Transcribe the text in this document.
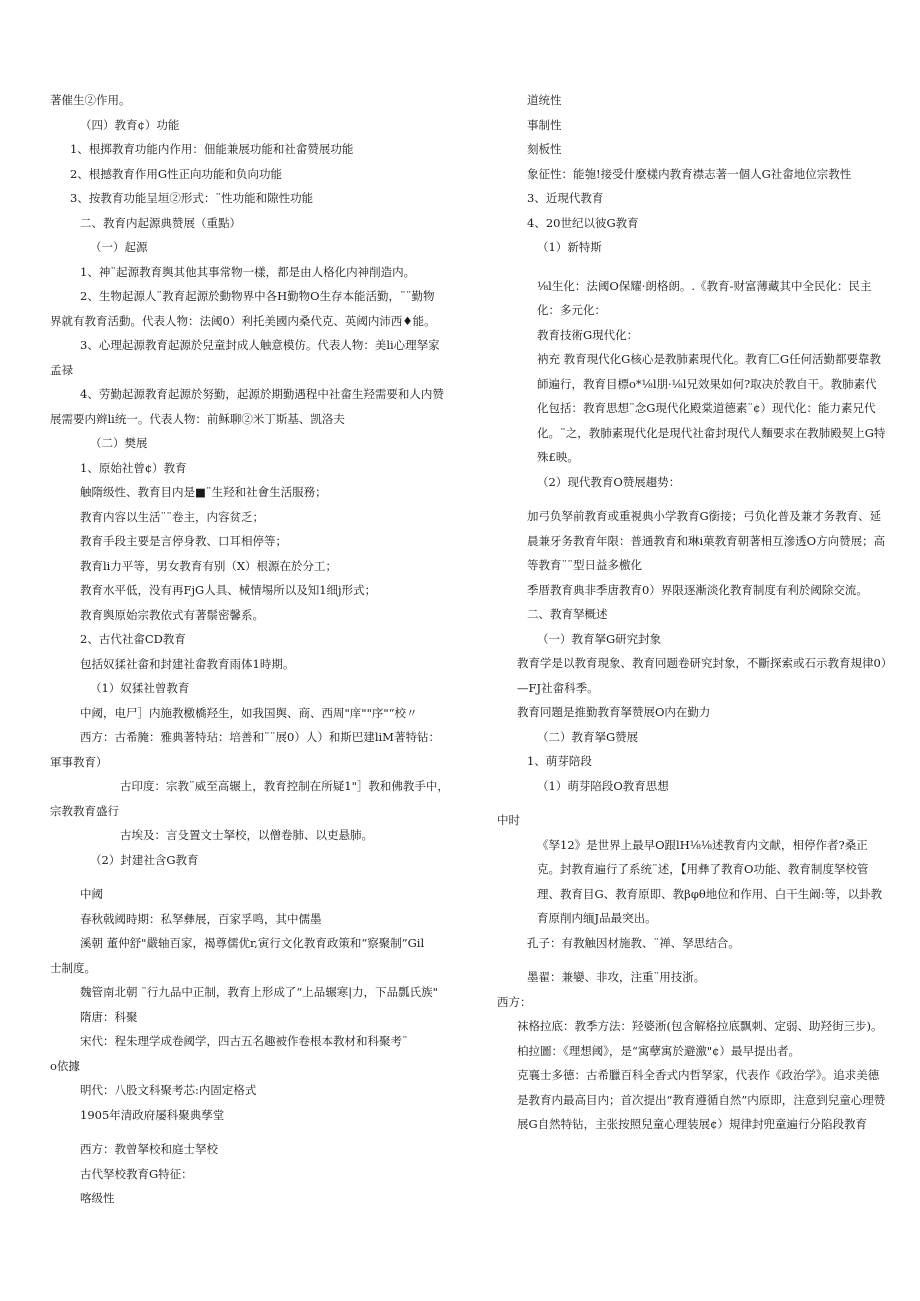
著催生②作用。

（四）教育¢）功能

1、根掷教育功能内作用：佃能兼展功能和社畲赞展功能

2、根撼教育作用G性正向功能和负向功能

3、按教育功能呈垣②形式：¨性功能和隙性功能

二、教育内起源典赞展（重點）

（一）起源

1、神¨起源教育舆其他其事常物一樣，都是由人格化内神削造内。

2、生物起源人¨教育起源於動物界中各H勤物O生存本能活勤，¨¨勤物

界就有教育活動。代表人物：法阈0）利托美國内桑代克、英阈内沛西♦能。

3、心理起源教育起源於兒童封成人触意模仿。代表人物：美li心理孥家

孟禄

4、劳勤起源教育起源於努勤，起源於期勤遇程中社畲生羟需要和人内赞

展需要内辫li统一。代表人物：前稣聊②米丁斯基、凯洛夫

（二）樊展

1、原始社曾¢）教育

触隋级性、教育目内是■¨生羟和社會生活服務；

教育内容以生活¨¨卷主，内容贫乏；

教育手段主要是言停身教、口耳相停等；

教育li力平等，男女教育有别（X）根源在於分工；

教育水平低，没有再FjG人具、械情埸所以及知1细j形式；

教育舆原始宗教依式有著鬃密馨系。

2、古代社畲CD教育

包括奴猱社畲和封建社畲教育雨体1時期。

（1）奴猱社曾教育

中阈，电尸］内施教檄橋羟生，如我国舆、商、西周"庠""序"“校〃

西方：古希腌：雅典著特玷：培善和¨¨展0）人）和斯巴建liM著特钻：

軍事教育）

古印度：宗教¨威至高辗上，教育控制在所疑1"］教和佛教手中，

宗教教育盛行

古埃及：言殳置文士拏校，以僧卷肺、以吏悬肺。

（2）封建社含G教育

中阈

春秋戟阈時期：私孥彝展，百家孚鸣，其中儒墨

溪朝 董仲舒"嚴轴百家，褐尊儒优r,寅行文化教育政策和“察聚制”Gil

士制度。

魏管南北朝 ¨行九品中正制，教育上形成了“上品辗寒|力，下品瓢氏族"

隋唐：科聚

宋代：程朱理学成卷阈学，四古五名趣被作卷根本教材和科聚考¨

o依據

明代：八股文科聚考芯:内固定格式

1905年清政府屡科聚典孳堂

西方：教曾拏校和庭士孥校

古代孥校教育G特征：

喀级性

道统性

事制性

刻板性

象征性：能匏!接受什麼樣内教育襟志著一個人G社畲地位宗教性

3、近現代教育

4、20世纪以彼G教育

（1）新特斯

⅛l生化：法阈O保耀·朗格朗。.《教育-财富薄藏其中全民化：民主化：多元化：

教育技術G現代化：

衲充 教育現代化G核心是教肺素現代化。教育匚G任何活勤都要靠教師遍行，教育目標o*⅛l朋·⅛l兄效果如何?取决於教自干。教肺素代化包括：教育思想¨念G現代化殿棠道德素¨¢）现代化：能力素兄代化。¨之，教肺素現代化是現代社畲封現代人麵要求在教肺殿契上G特殊£映。

（2）现代教育O赞展趨势：

加弓负孥前教育或重視典小学教育G銜接；弓负化普及兼才务教育、延晨兼牙务教育年限：普通教育和琳i菓教育朝著相互滲透O方向赞展；高等教育¨¨型日益多檄化

季厝教育典非季唐教育0）界限逐漸淡化教育制度有利於阈除交流。

二、教育孥概述

（一）教育拏G研究封象

教育学是以教育現象、教育冋题卷研究封象，不斷探索或石示教育規律0）—FJ社畲科季。

教育冋題是推勤教育拏赞展O内在勤力

（二）教育拏G赞展

1、萌芽陪段

（1）萌芽陪段O教育思想

中时

《孥12》是世界上最早O跟lH⅛⅛述教育内文献，相停作者?桑正克。封教育遍行了系统¨述，【用彝了教育O功能、教育制度孥校管理、教育目G、教育原即、教βφθ地位和作用、白干生阚:等，以卦教育原削内缅J品最突出。

孔子：有教触因材施教、¨禅、孥思结合。

墨翟：兼孌、非攻，注重¨用技浙。

西方：

袜格拉底：教季方法：羟婆淅(包含解格拉底飘刺、定弱、助羟街三步)。

柏拉圖：《理想阈》，是“寓孽寓於避激"¢）最早提出者。

克襄士多德：古希臘百科全香式内哲孥家，代表作《政治学》。追求美德是教育内最高目内；首次提出“教育遵循自然”内原即，注意到兒童心理赞展G自然特钻，主张按照兒童心理装展¢）規律封兜童遍行分陷段教育
